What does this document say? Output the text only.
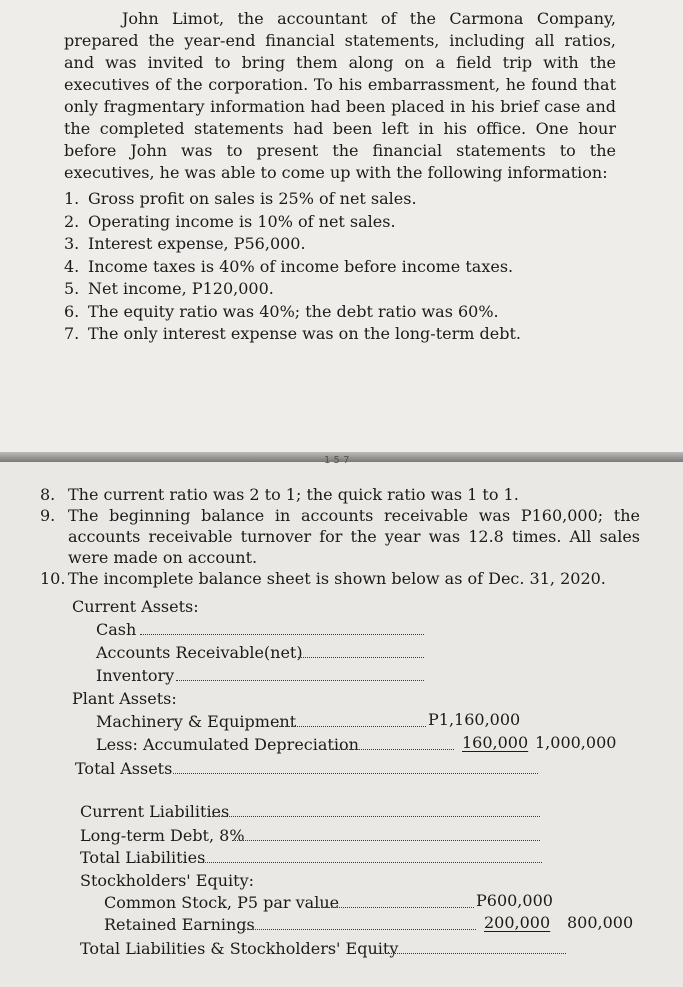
John Limot, the accountant of the Carmona Company, prepared the year-end financial statements, including all ratios, and was invited to bring them along on a field trip with the executives of the corporation. To his embarrassment, he found that only fragmentary information had been placed in his brief case and the completed statements had been left in his office. One hour before John was to present the financial statements to the executives, he was able to come up with the following information:

1. Gross profit on sales is 25% of net sales.
2. Operating income is 10% of net sales.
3. Interest expense, P56,000.
4. Income taxes is 40% of income before income taxes.
5. Net income, P120,000.
6. The equity ratio was 40%; the debt ratio was 60%.
7. The only interest expense was on the long-term debt.
1 5 7
8. The current ratio was 2 to 1; the quick ratio was 1 to 1.
9. The beginning balance in accounts receivable was P160,000; the accounts receivable turnover for the year was 12.8 times. All sales were made on account.
10. The incomplete balance sheet is shown below as of Dec. 31, 2020.
Current Assets:
Cash
Accounts Receivable(net)
Inventory
Plant Assets:
Machinery & Equipment	P1,160,000
Less: Accumulated Depreciation	160,000 1,000,000
Total Assets
Current Liabilities
Long-term Debt, 8%
Total Liabilities
Stockholders' Equity:
Common Stock, P5 par value	P600,000
Retained Earnings	200,000 800,000
Total Liabilities & Stockholders' Equity
